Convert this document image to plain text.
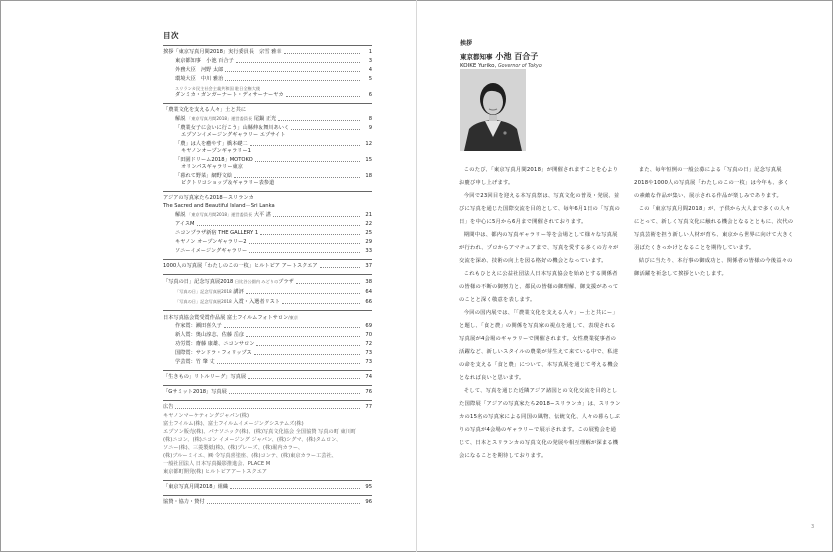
目次
挨拶「東京写真月間2018」実行委員長　宗雪 雅幸	1
東京都知事　小池 百合子	3
外務大臣　河野 太郎	4
環境大臣　中川 雅治	5
スリランカ民主社会主義共和国 駐日全権大使
ダンミカ・ガンガーナート・ディサーナーヤカ	6
「農業文化を支える人々」土と共に
解説 「東京写真月間2018」運営委員長 尾鍋 正光	8
「農業女子に会いに行こう」山縣伸＆舞川あいく	9
エプソンイメージングギャラリー エプサイト
「農」は人を癒やす」橋本礎二	12
キヤノンオープンギャラリー1
「田園ドリーム2018」MOTOKO	15
オリンパスギャラリー東京
「暮れて野菜」網野文絵	18
ピクトリコショップ＆ギャラリー表参道
アジアの写真家たち2018－スリランカ
The Sacred and Beautiful Island－Sri Lanka
解説 「東京写真月間2018」運営委員長 大平 湛	21
アイスM	22
ニコンプラザ新宿 THE GALLERY 1	25
キヤノン オープンギャラリー2	29
ソニーイメージングギャラリー	33
1000人の写真展「わたしのこの一枚」ヒルトピア アートスクエア	37
「写真の日」記念写真展2018 日比谷公園内 みどりのプラザ	38
「写真の日」記念写真展2018 講評	64
「写真の日」記念写真展2018 入賞・入選者リスト	66
日本写真協会賞受賞作品展 富士フイルムフォトサロン/東京
作家賞：瀬田喜久子	69
新人賞：奥山淳志、佐藤 岳彦	70
功労賞：齋藤 康雄、ニコンサロン	72
国際賞：サンドラ・フィリップス	73
学芸賞：竹 肇 丈	73
「生きもの」リトルリーグ」写真展	74
「Gサミット2018」写真展	76
広告	77
キヤノンマーケティングジャパン(株)
富士フイルム(株)、富士フイルムイメージングシステムズ(株)
エプソン販売(株)、パナソニック(株)、(株)写真文化協会 全国協賛 写真の町 東川町
(株)ニコン、(株)ニコン イメージング ジャパン、(株)シグマ、(株)タムロン、
ソニー(株)、三菱製紙(株)、(株)プレーズ、(株)堀内カラー、
(株)ブルーミイエ、㈱ 令写真喜塗座、(株)コンテ、(株)東京カラー工芸社、
一般社団法人 日本写真撮影推進会、PLACE M
東京都町開発(株) ヒルトピアアートスクエア
「東京写真月間2018」組織	95
協賛・協力・賛付	96
挨拶
東京都知事 小池 百合子
KOIKE Yuriko, Governor of Tokyo

このたび、「東京写真月間2018」が開催されますことを心よりお慶び申し上げます。

今回で23回目を迎える本写真祭は、写真文化の普及・発展、並びに写真を通じた国際交流を目的として、毎年6月1日の「写真の日」を中心に5月から6月まで開催されております。

期間中は、都内の写真ギャラリー等を会場として様々な写真展が行われ、プロからアマチュアまで、写真を愛する多くの方々が交流を深め、技術の向上を図る格好の機会となっています。

これもひとえに公益社団法人日本写真協会を始めとする関係者の皆様の不断の御努力と、都民の皆様の御理解、御支援があってのことと深く敬意を表します。

今回の国内展では、「「農業文化を支える人々」ー土と共にー」と題し、「食と農」の関係を写真家の視点を通して、表現される写真展が4会場のギャラリーで開催されます。女性農業従事者の活躍など、新しいスタイルの農業が芽生えて来ている中で、私達の命を支える「食と農」について、本写真展を通じて考える機会となれば良いと思います。

そして、写真を通じた近隣アジア諸国との文化交流を目的とした国際展「アジアの写真家たち2018−スリランカ」は、スリランカの15名の写真家による同国の風物、伝統文化、人々の暮らしぶりの写真が4会場のギャラリーで展示されます。この展覧会を通じて、日本とスリランカの写真文化の発展や相互理解が深まる機会になることを期待しております。

また、毎年恒例の一般公募による「写真の日」記念写真展2018や1000人の写真展「わたしのこの一枚」は今年も、多くの素敵な作品が集い、展示される作品が楽しみであります。

この「東京写真月間2018」が、子供から大人まで多くの人々にとって、新しく写真文化に触れる機会となるとともに、次代の写真芸術を担う新しい人材が育ち、東京から世界に向けて大きく羽ばたくきっかけとなることを期待しています。

結びに当たり、本行事の御成功と、関係者の皆様の今後益々の御活躍を祈念して挨拶といたします。

3
